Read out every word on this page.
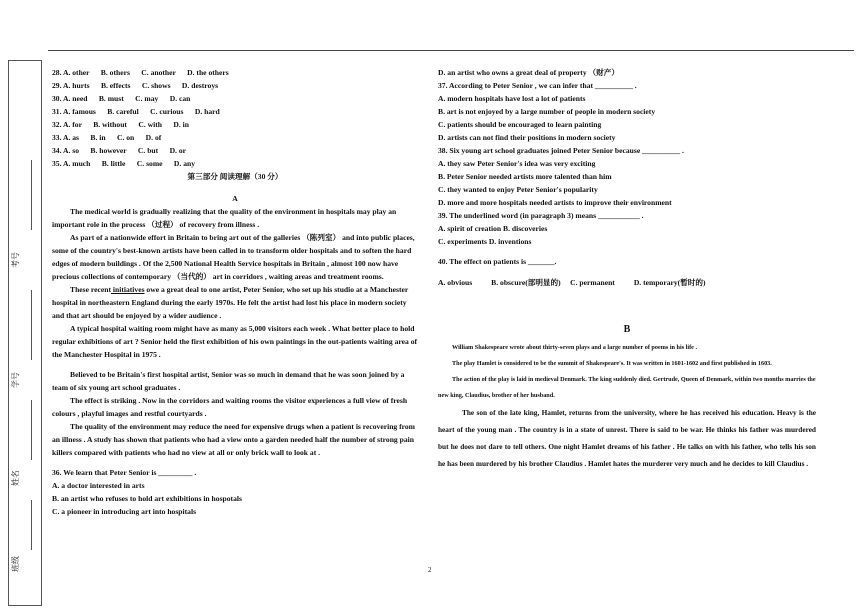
考号
学号
姓名
班级
28. A. other      B. others      C. another      D. the others
29. A. hurts      B. effects      C. shows      D. destroys
30. A. need      B. must      C. may      D. can
31. A. famous      B. careful      C. curious      D. hard
32. A. for      B. without      C. with      D. in
33. A. as      B. in      C. on      D. of
34. A. so      B. however      C. but      D. or
35. A. much      B. little      C. some      D. any
第三部分 阅读理解（30 分）
A

The medical world is gradually realizing that the quality of the environment in hospitals may play an important role in the process （过程） of recovery from illness .

As part of a nationwide effort in Britain to bring art out of the galleries （陈列室） and into public places, some of the country's best-known artists have been called in to transform older hospitals and to soften the hard edges of modern buildings . Of the 2,500 National Health Service hospitals in Britain , almost 100 now have precious collections of contemporary （当代的） art in corridors , waiting areas and treatment rooms.

These recent initiatives owe a great deal to one artist, Peter Senior, who set up his studio at a Manchester hospital in northeastern England during the early 1970s. He felt the artist had lost his place in modern society and that art should be enjoyed by a wider audience .

A typical hospital waiting room might have as many as 5,000 visitors each week . What better place to hold regular exhibitions of art ? Senior held the first exhibition of his own paintings in the out-patients waiting area of the Manchester Hospital in 1975 .

Believed to be Britain's first hospital artist, Senior was so much in demand that he was soon joined by a team of six young art school graduates .

The effect is striking . Now in the corridors and waiting rooms the visitor experiences a full view of fresh colours , playful images and restful courtyards .

The quality of the environment may reduce the need for expensive drugs when a patient is recovering from an illness . A study has shown that patients who had a view onto a garden needed half the number of strong pain killers compared with patients who had no view at all or only brick wall to look at .

36. We learn that Peter Senior is _________ .
A. a doctor interested in arts
B. an artist who refuses to hold art exhibitions in hospotals
C. a pioneer in introducing art into hospitals
D. an artist who owns a great deal of property （财产）
37. According to Peter Senior , we can infer that __________ .
A. modern hospitals have lost a lot of patients
B. art is not enjoyed by a large number of people in modern society
C. patients should be encouraged to learn painting
D. artists can not find their positions in modern society
38. Six young art school graduates joined Peter Senior because __________ .
A. they saw Peter Senior's idea was very exciting
B. Peter Senior needed artists more talented than him
C. they wanted to enjoy Peter Senior's popularity
D. more and more hospitals needed artists to improve their environment
39. The underlined word (in paragraph 3) means ___________ .
A. spirit of creation B. discoveries
C. experiments D. inventions
40. The effect on patients is _______.
A. obvious          B. obscure(部明显的)     C. permanent          D. temporary(暂时的)

B

William Shakespeare wrote about thirty-seven plays and a large number of poems in his life .

The play Hamlet is considered to be the summit of Shakespeare's. It was written in 1601-1602 and first published in 1603.

The action of the play is laid in medieval Denmark. The king suddenly died. Gertrude, Queen of Denmark, within two months marries the new king, Claudius, brother of her husband.

The son of the late king, Hamlet, returns from the university, where he has received his education. Heavy is the heart of the young man . The country is in a state of unrest. There is said to be war. He thinks his father was murdered but he does not dare to tell others. One night Hamlet dreams of his father . He talks on with his father, who tells his son he has been murdered by his brother Claudius . Hamlet hates the murderer very much and he decides to kill Claudius .

2
